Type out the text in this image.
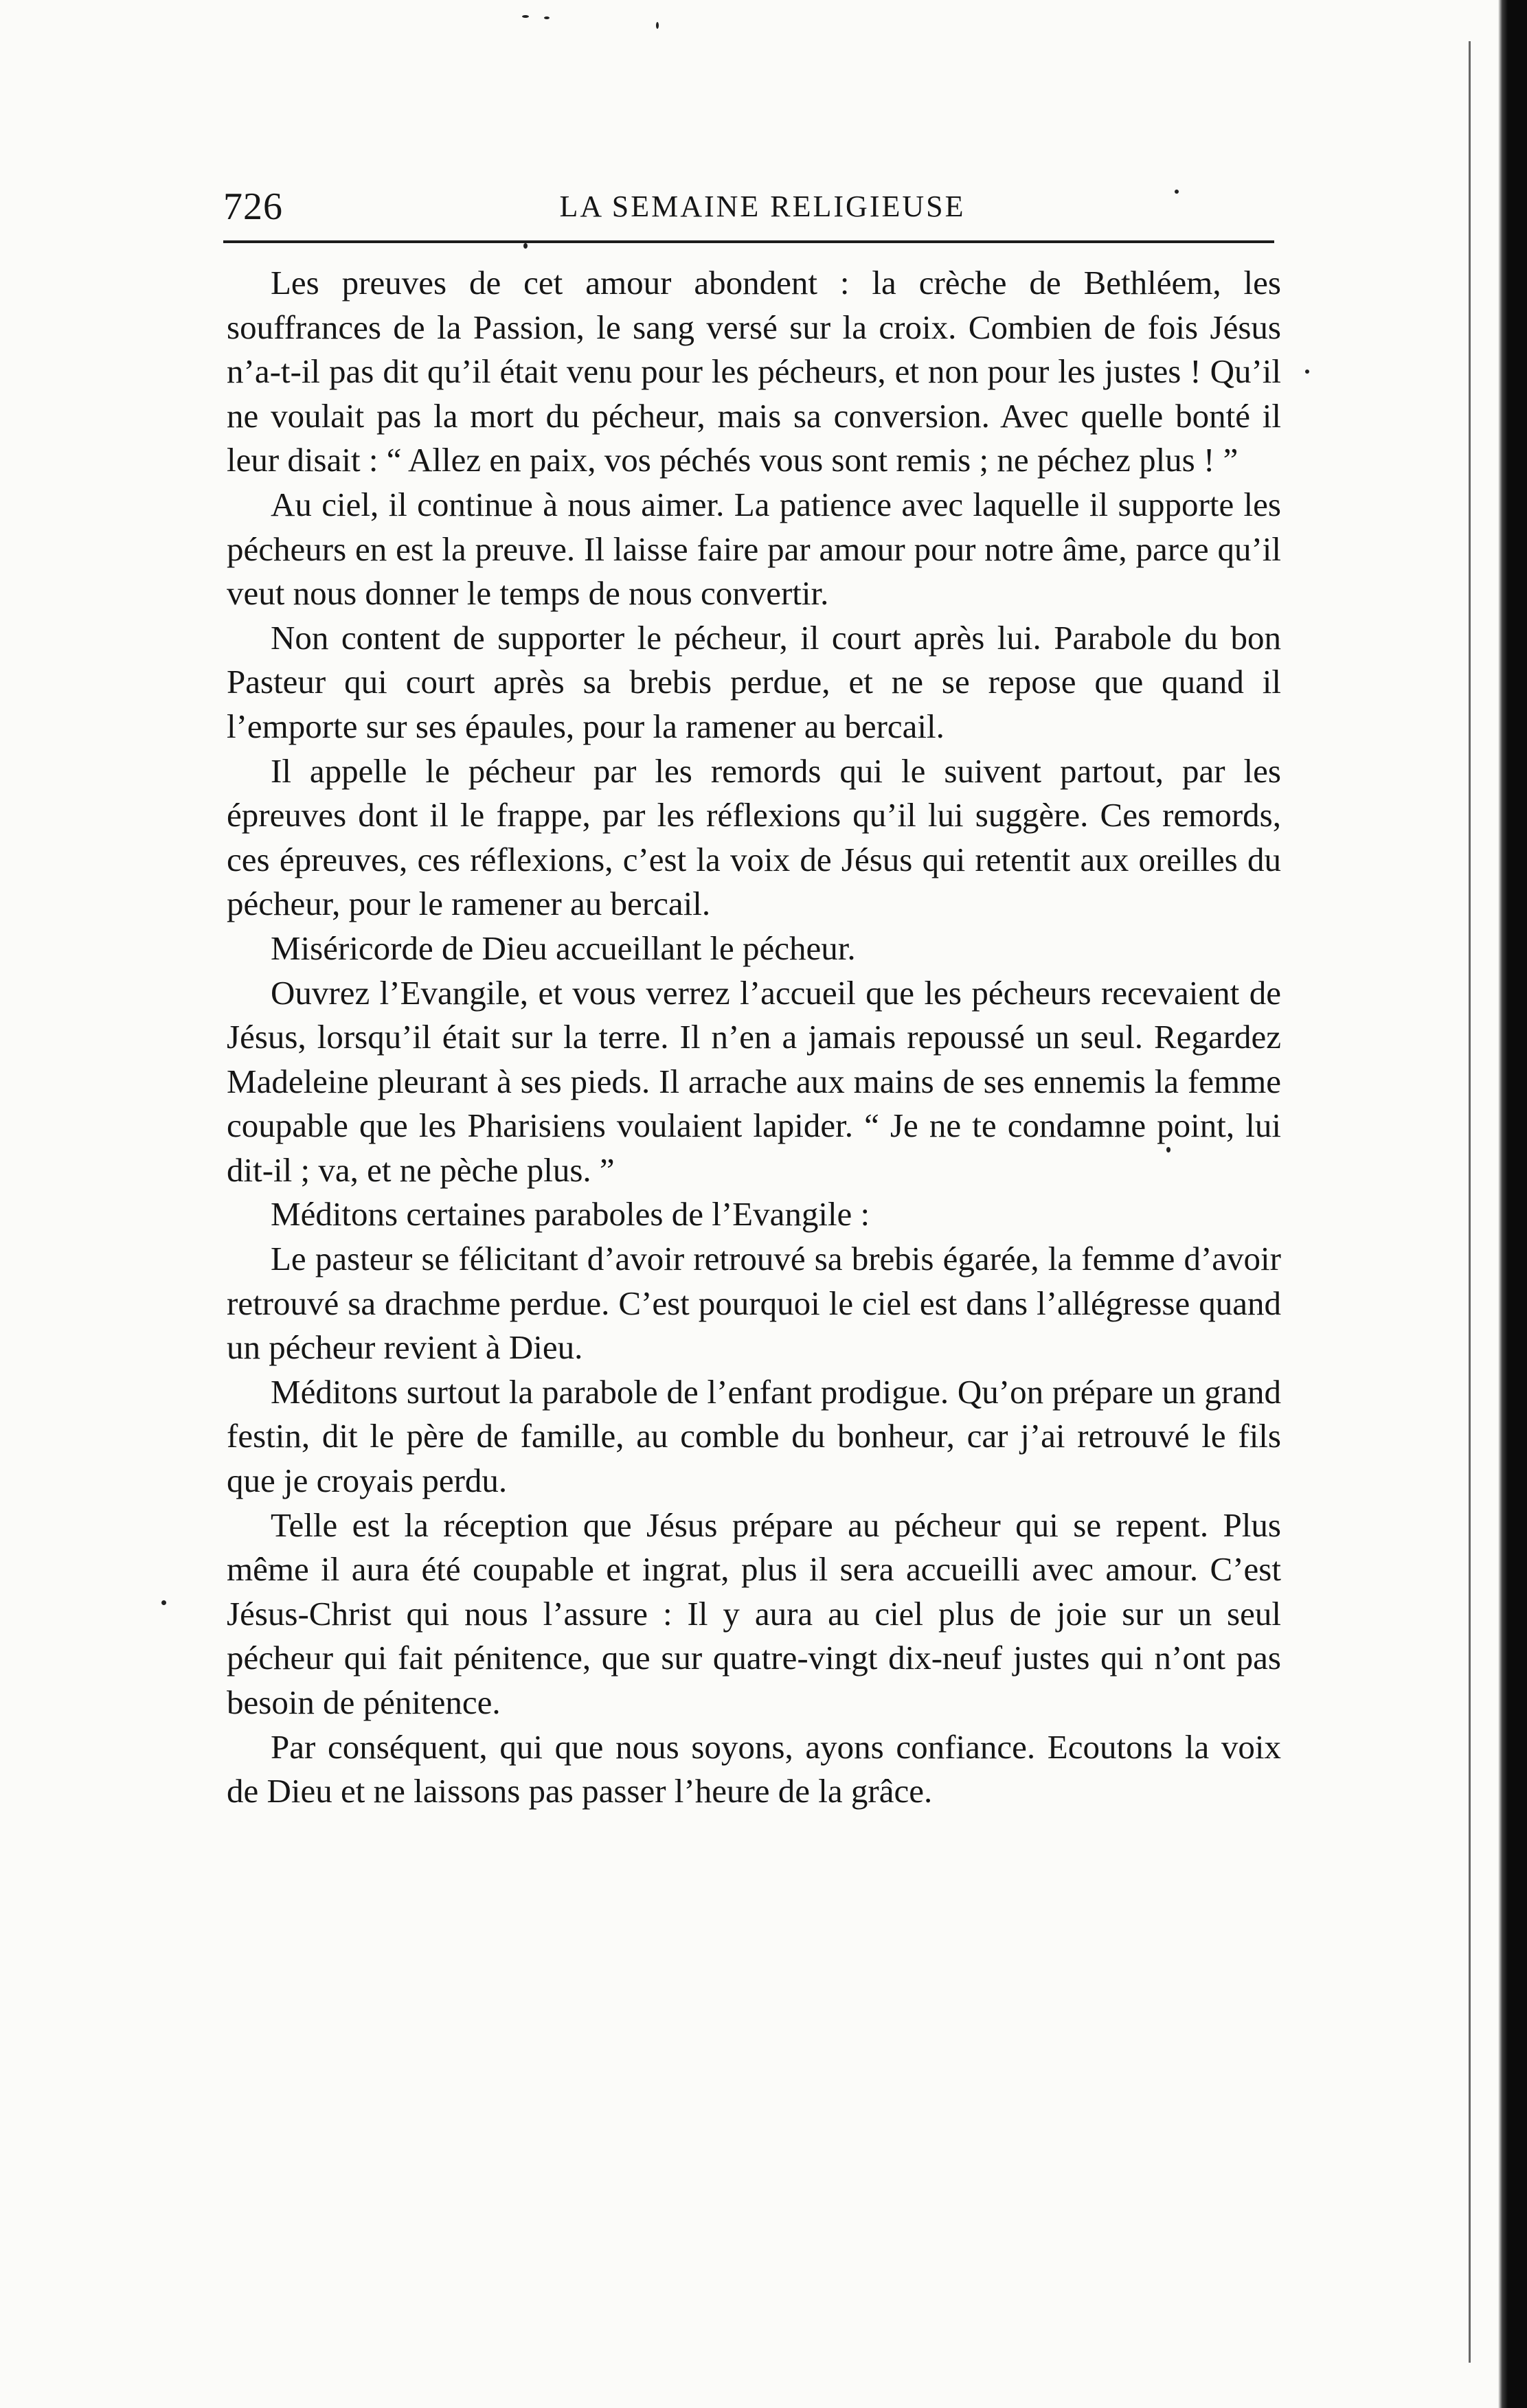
LA SEMAINE RELIGIEUSE
726

Les preuves de cet amour abondent : la crèche de Bethléem, les souffrances de la Passion, le sang versé sur la croix. Combien de fois Jésus n’a-t-il pas dit qu’il était venu pour les pécheurs, et non pour les justes ! Qu’il ne voulait pas la mort du pécheur, mais sa conversion. Avec quelle bonté il leur disait : “ Allez en paix, vos péchés vous sont remis ; ne péchez plus ! ”

Au ciel, il continue à nous aimer. La patience avec laquelle il supporte les pécheurs en est la preuve. Il laisse faire par amour pour notre âme, parce qu’il veut nous donner le temps de nous convertir.

Non content de supporter le pécheur, il court après lui. Parabole du bon Pasteur qui court après sa brebis perdue, et ne se repose que quand il l’emporte sur ses épaules, pour la ramener au bercail.

Il appelle le pécheur par les remords qui le suivent partout, par les épreuves dont il le frappe, par les réflexions qu’il lui suggère. Ces remords, ces épreuves, ces réflexions, c’est la voix de Jésus qui retentit aux oreilles du pécheur, pour le ramener au bercail.

Miséricorde de Dieu accueillant le pécheur.

Ouvrez l’Evangile, et vous verrez l’accueil que les pécheurs recevaient de Jésus, lorsqu’il était sur la terre. Il n’en a jamais repoussé un seul. Regardez Madeleine pleurant à ses pieds. Il arrache aux mains de ses ennemis la femme coupable que les Pharisiens voulaient lapider. “ Je ne te condamne point, lui dit-il ; va, et ne pèche plus. ”

Méditons certaines paraboles de l’Evangile :

Le pasteur se félicitant d’avoir retrouvé sa brebis égarée, la femme d’avoir retrouvé sa drachme perdue. C’est pourquoi le ciel est dans l’allégresse quand un pécheur revient à Dieu.

Méditons surtout la parabole de l’enfant prodigue. Qu’on prépare un grand festin, dit le père de famille, au comble du bonheur, car j’ai retrouvé le fils que je croyais perdu.

Telle est la réception que Jésus prépare au pécheur qui se repent. Plus même il aura été coupable et ingrat, plus il sera accueilli avec amour. C’est Jésus-Christ qui nous l’assure : Il y aura au ciel plus de joie sur un seul pécheur qui fait pénitence, que sur quatre-vingt dix-neuf justes qui n’ont pas besoin de pénitence.

Par conséquent, qui que nous soyons, ayons confiance. Ecoutons la voix de Dieu et ne laissons pas passer l’heure de la grâce.
